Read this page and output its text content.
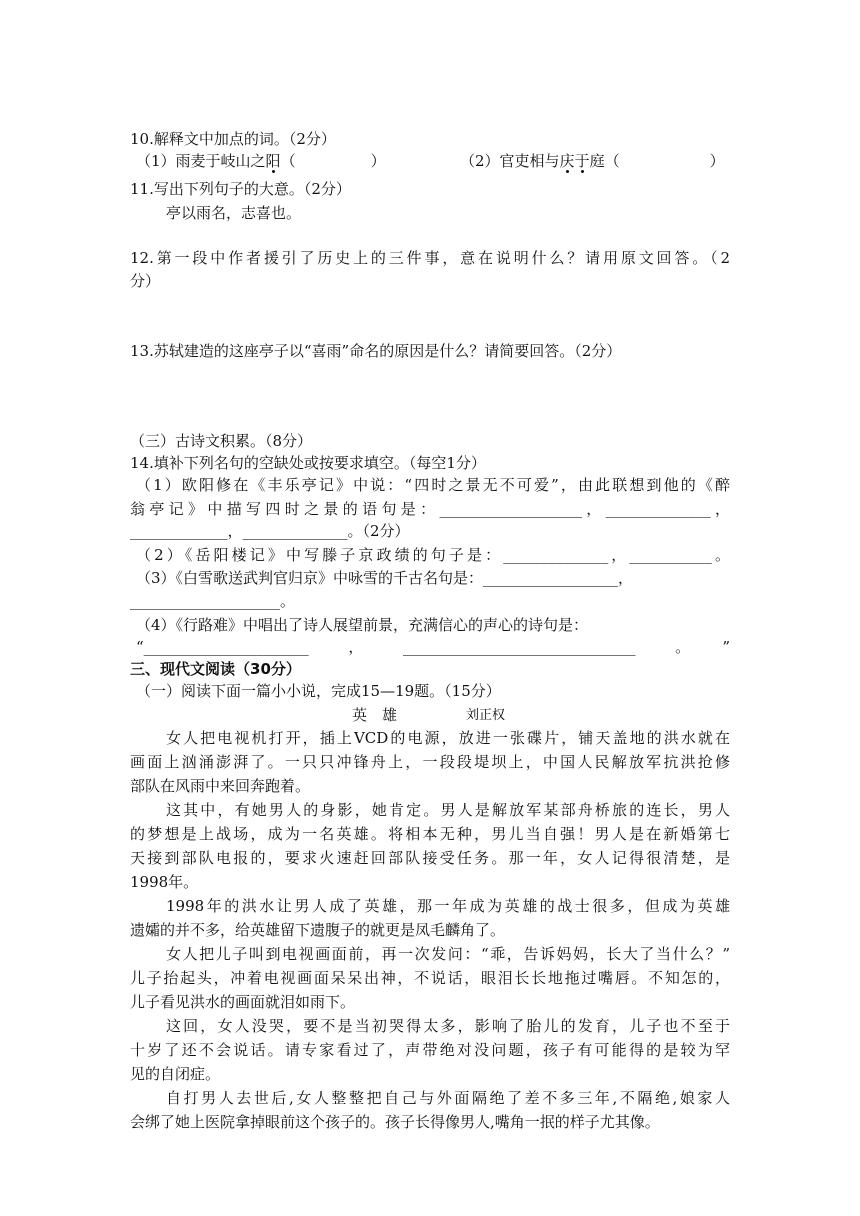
10.解释文中加点的词。（2分）
（1）雨麦于岐山之阳（　　　　　）	（2）官吏相与庆于庭（　　　　　　）
11.写出下列句子的大意。（2分）
亭以雨名，志喜也。
12.第一段中作者援引了历史上的三件事，意在说明什么？请用原文回答。（2
分）
13.苏轼建造的这座亭子以“喜雨”命名的原因是什么？请简要回答。（2分）
（三）古诗文积累。（8分）
14.填补下列名句的空缺处或按要求填空。（每空1分）
（1）欧阳修在《丰乐亭记》中说：“四时之景无不可爱”，由此联想到他的《醉
翁亭记》中描写四时之景的语句是：___________________，______________，
_____________，______________。（2分）
（2）《岳阳楼记》中写滕子京政绩的句子是：______________，___________。
（3）《白雪歌送武判官归京》中咏雪的千古名句是：__________________，
____________________。
（4）《行路难》中唱出了诗人展望前景，充满信心的声心的诗句是：
“______________________，_______________________________。”
三、现代文阅读（30分）
（一）阅读下面一篇小小说，完成15—19题。（15分）
英　雄	刘正权
女人把电视机打开，插上VCD的电源，放进一张碟片，铺天盖地的洪水就在
画面上汹涌澎湃了。一只只冲锋舟上，一段段堤坝上，中国人民解放军抗洪抢修
部队在风雨中来回奔跑着。
这其中，有她男人的身影，她肯定。男人是解放军某部舟桥旅的连长，男人
的梦想是上战场，成为一名英雄。将相本无种，男儿当自强！男人是在新婚第七
天接到部队电报的，要求火速赶回部队接受任务。那一年，女人记得很清楚，是
1998年。
1998年的洪水让男人成了英雄，那一年成为英雄的战士很多，但成为英雄
遗孀的并不多，给英雄留下遗腹子的就更是凤毛麟角了。
女人把儿子叫到电视画面前，再一次发问：“乖，告诉妈妈，长大了当什么？”
儿子抬起头，冲着电视画面呆呆出神，不说话，眼泪长长地拖过嘴唇。不知怎的，
儿子看见洪水的画面就泪如雨下。
这回，女人没哭，要不是当初哭得太多，影响了胎儿的发育，儿子也不至于
十岁了还不会说话。请专家看过了，声带绝对没问题，孩子有可能得的是较为罕
见的自闭症。
自打男人去世后,女人整整把自己与外面隔绝了差不多三年,不隔绝,娘家人
会绑了她上医院拿掉眼前这个孩子的。孩子长得像男人,嘴角一抿的样子尤其像。
